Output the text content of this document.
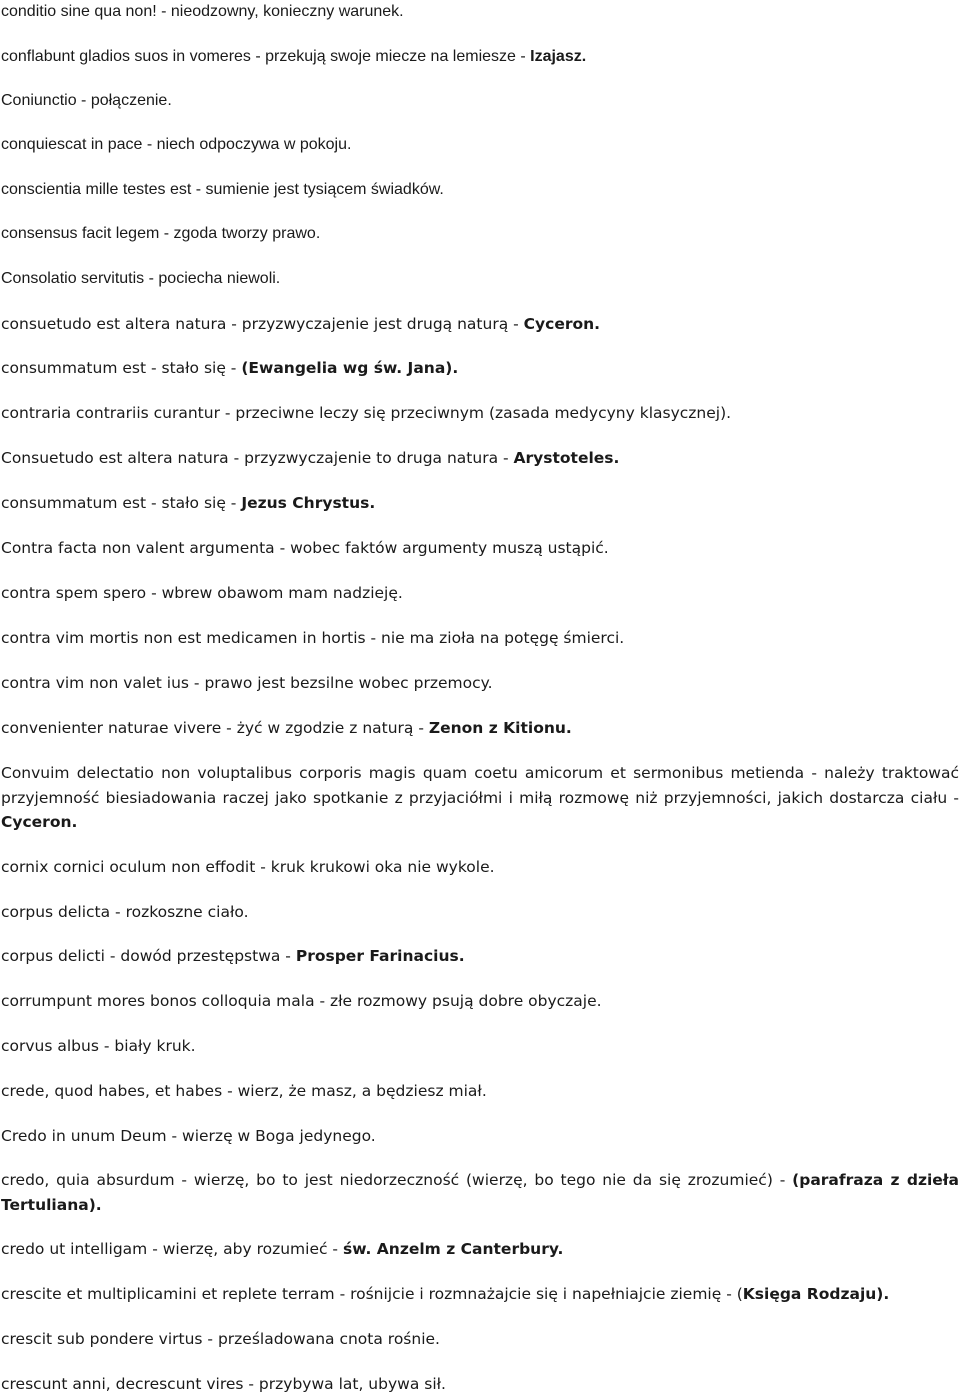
conditio sine qua non! - nieodzowny, konieczny warunek.

conflabunt gladios suos in vomeres - przekują swoje miecze na lemiesze - Izajasz.

Coniunctio - połączenie.

conquiescat in pace - niech odpoczywa w pokoju.

conscientia mille testes est - sumienie jest tysiącem świadków.

consensus facit legem - zgoda tworzy prawo.

Consolatio servitutis - pociecha niewoli.

consuetudo est altera natura - przyzwyczajenie jest drugą naturą - Cyceron.

consummatum est - stało się - (Ewangelia wg św. Jana).

contraria contrariis curantur - przeciwne leczy się przeciwnym (zasada medycyny klasycznej).

Consuetudo est altera natura - przyzwyczajenie to druga natura - Arystoteles.

consummatum est - stało się - Jezus Chrystus.

Contra facta non valent argumenta - wobec faktów argumenty muszą ustąpić.

contra spem spero - wbrew obawom mam nadzieję.

contra vim mortis non est medicamen in hortis - nie ma zioła na potęgę śmierci.

contra vim non valet ius - prawo jest bezsilne wobec przemocy.

convenienter naturae vivere - żyć w zgodzie z naturą - Zenon z Kitionu.

Convuim delectatio non voluptalibus corporis magis quam coetu amicorum et sermonibus metienda - należy traktować przyjemność biesiadowania raczej jako spotkanie z przyjaciółmi i miłą rozmowę niż przyjemności, jakich dostarcza ciału - Cyceron.

cornix cornici oculum non effodit - kruk krukowi oka nie wykole.

corpus delicta - rozkoszne ciało.

corpus delicti - dowód przestępstwa - Prosper Farinacius.

corrumpunt mores bonos colloquia mala - złe rozmowy psują dobre obyczaje.

corvus albus - biały kruk.

crede, quod habes, et habes - wierz, że masz, a będziesz miał.

Credo in unum Deum - wierzę w Boga jedynego.

credo, quia absurdum - wierzę, bo to jest niedorzeczność (wierzę, bo tego nie da się zrozumieć) - (parafraza z dzieła Tertuliana).

credo ut intelligam - wierzę, aby rozumieć - św. Anzelm z Canterbury.

crescite et multiplicamini et replete terram - rośnijcie i rozmnażajcie się i napełniajcie ziemię - (Księga Rodzaju).

crescit sub pondere virtus - prześladowana cnota rośnie.

crescunt anni, decrescunt vires - przybywa lat, ubywa sił.
